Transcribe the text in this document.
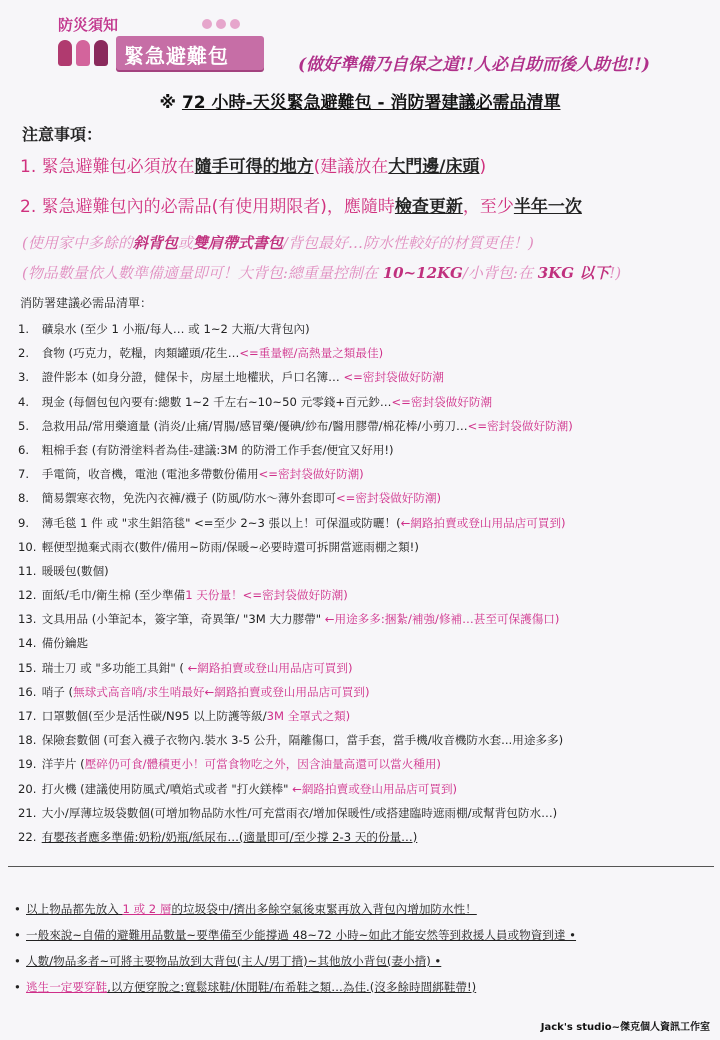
防災須知
緊急避難包	(做好準備乃自保之道!!人必自助而後人助也!!)
※ 72 小時-天災緊急避難包 - 消防署建議必需品清單
注意事項：
1. 緊急避難包必須放在隨手可得的地方(建議放在大門邊/床頭)
2. 緊急避難包內的必需品(有使用期限者)，應隨時檢查更新，至少半年一次
(使用家中多餘的斜背包或雙肩帶式書包/背包最好…防水性較好的材質更佳！)
(物品數量依人數準備適量即可！大背包:總重量控制在 10~12KG/小背包:在 3KG 以下!)
消防署建議必需品清單：
1. 礦泉水 (至少 1 小瓶/每人… 或 1~2 大瓶/大背包內)
2. 食物 (巧克力，乾糧，肉類罐頭/花生…<=重量輕/高熱量之類最佳)
3. 證件影本 (如身分證，健保卡，房屋土地權狀，戶口名簿… <=密封袋做好防潮
4. 現金 (每個包包內要有:總數 1~2 千左右~10~50 元零錢+百元鈔…<=密封袋做好防潮
5. 急救用品/常用藥適量 (消炎/止痛/胃腸/感冒藥/優碘/紗布/醫用膠帶/棉花棒/小剪刀…<=密封袋做好防潮)
6. 粗棉手套 (有防滑塗料者為佳-建議:3M 的防滑工作手套/便宜又好用!)
7. 手電筒，收音機，電池 (電池多帶數份備用<=密封袋做好防潮)
8. 簡易禦寒衣物，免洗內衣褲/襪子 (防風/防水～薄外套即可<=密封袋做好防潮)
9. 薄毛毯 1 件 或 "求生鋁箔毯" <=至少 2~3 張以上！可保溫或防曬！(←網路拍賣或登山用品店可買到)
10. 輕便型拋棄式雨衣(數件/備用~防雨/保暖~必要時還可拆開當遮雨棚之類!)
11. 暖暖包(數個)
12. 面紙/毛巾/衛生棉 (至少準備1 天份量！<=密封袋做好防潮)
13. 文具用品 (小筆記本，簽字筆，奇異筆/ "3M 大力膠帶" ←用途多多:捆紮/補強/修補…甚至可保護傷口)
14. 備份鑰匙
15. 瑞士刀 或 "多功能工具鉗" ( ←網路拍賣或登山用品店可買到)
16. 哨子 (無球式高音哨/求生哨最好←網路拍賣或登山用品店可買到)
17. 口罩數個(至少是活性碳/N95 以上防護等級/3M 全罩式之類)
18. 保險套數個 (可套入襪子衣物內.裝水 3-5 公升，隔離傷口，當手套，當手機/收音機防水套...用途多多)
19. 洋芋片 (壓碎仍可食/體積更小！可當食物吃之外，因含油量高還可以當火種用)
20. 打火機 (建議使用防風式/噴焰式或者 "打火鎂棒" ←網路拍賣或登山用品店可買到)
21. 大小/厚薄垃圾袋數個(可增加物品防水性/可充當雨衣/增加保暖性/或搭建臨時遮雨棚/或幫背包防水…)
22. 有嬰孩者應多準備:奶粉/奶瓶/紙尿布…(適量即可/至少撐 2-3 天的份量…)
• 以上物品都先放入 1 或 2 層的垃圾袋中/擠出多餘空氣後束緊再放入背包內增加防水性！
• 一般來說~自備的避難用品數量~要準備至少能撐過 48~72 小時~如此才能安然等到救援人員或物資到達 •
• 人數/物品多者~可將主要物品放到大背包(主人/男丁揹)~其他放小背包(妻小揹) •
• 逃生一定要穿鞋,以方便穿脫之:寬鬆球鞋/休閒鞋/布希鞋之類…為佳.(沒多餘時間綁鞋帶!)
Jack's studio~傑克個人資訊工作室
